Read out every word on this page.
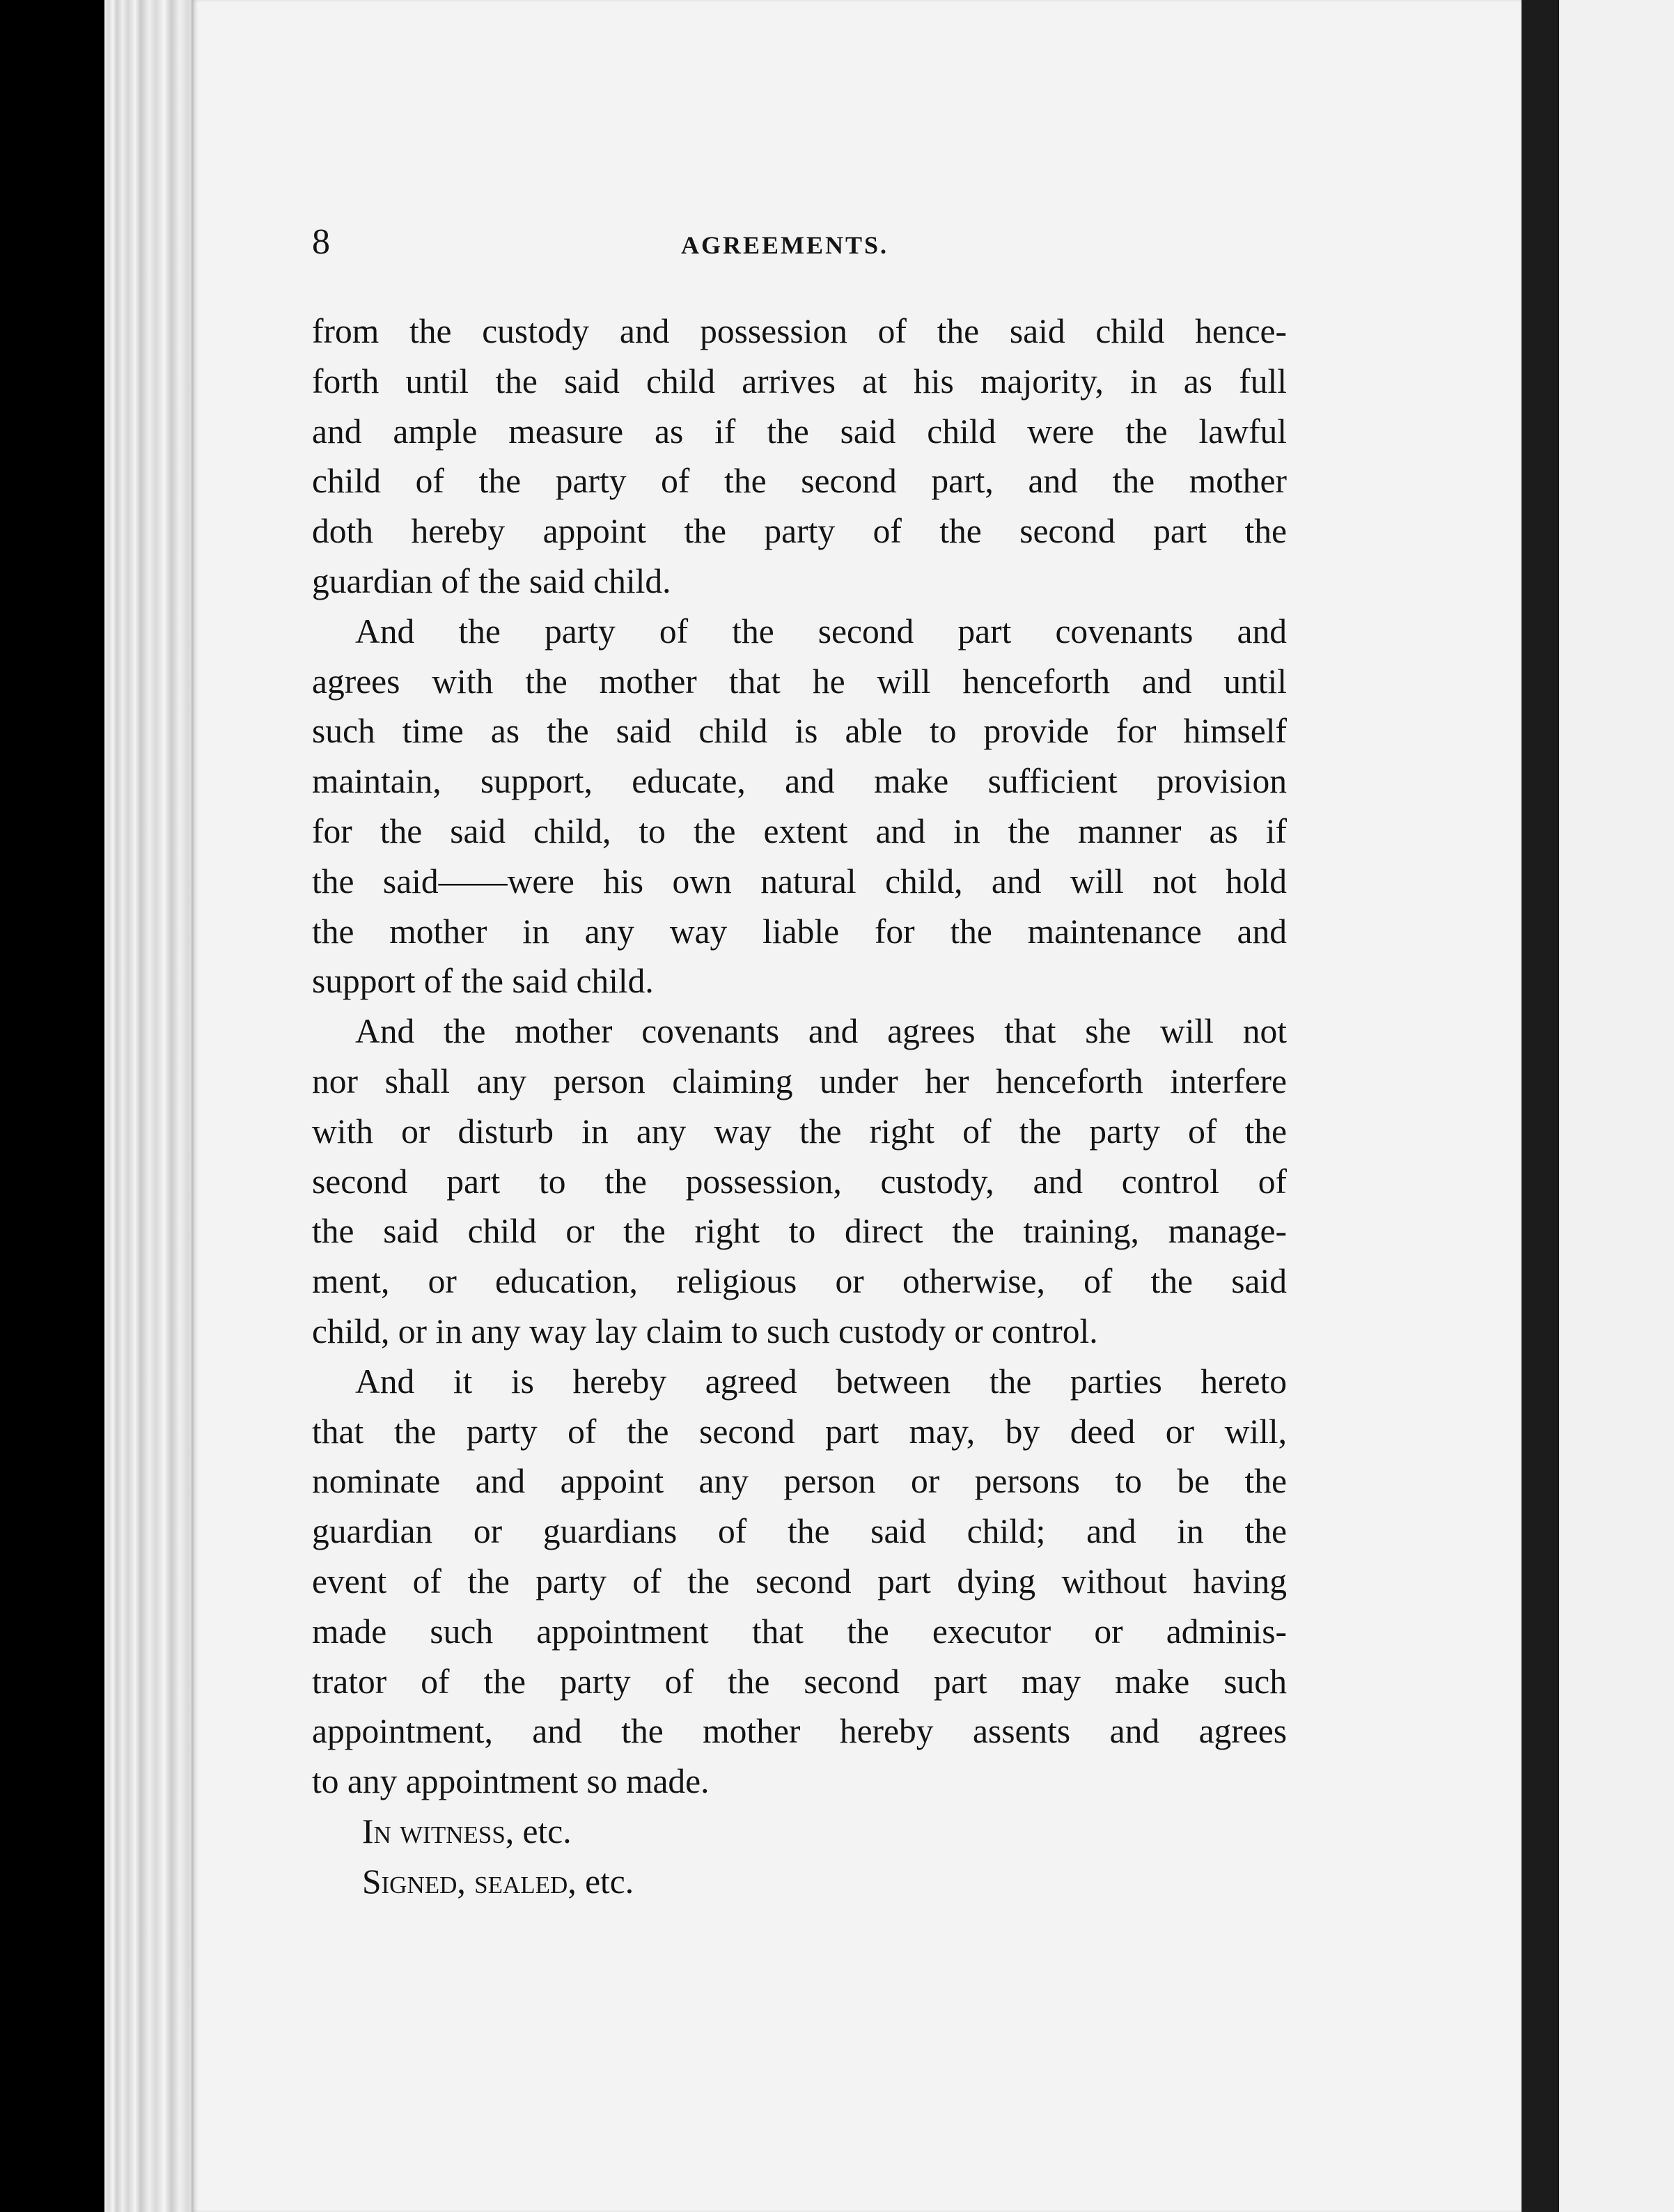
8	AGREEMENTS.
from the custody and possession of the said child hence-
forth until the said child arrives at his majority, in as full
and ample measure as if the said child were the lawful
child of the party of the second part, and the mother
doth hereby appoint the party of the second part the
guardian of the said child.
And the party of the second part covenants and
agrees with the mother that he will henceforth and until
such time as the said child is able to provide for himself
maintain, support, educate, and make sufficient provision
for the said child, to the extent and in the manner as if
the said——were his own natural child, and will not hold
the mother in any way liable for the maintenance and
support of the said child.
And the mother covenants and agrees that she will not
nor shall any person claiming under her henceforth interfere
with or disturb in any way the right of the party of the
second part to the possession, custody, and control of
the said child or the right to direct the training, manage-
ment, or education, religious or otherwise, of the said
child, or in any way lay claim to such custody or control.
And it is hereby agreed between the parties hereto
that the party of the second part may, by deed or will,
nominate and appoint any person or persons to be the
guardian or guardians of the said child; and in the
event of the party of the second part dying without having
made such appointment that the executor or adminis-
trator of the party of the second part may make such
appointment, and the mother hereby assents and agrees
to any appointment so made.
In witness, etc.
Signed, sealed, etc.
